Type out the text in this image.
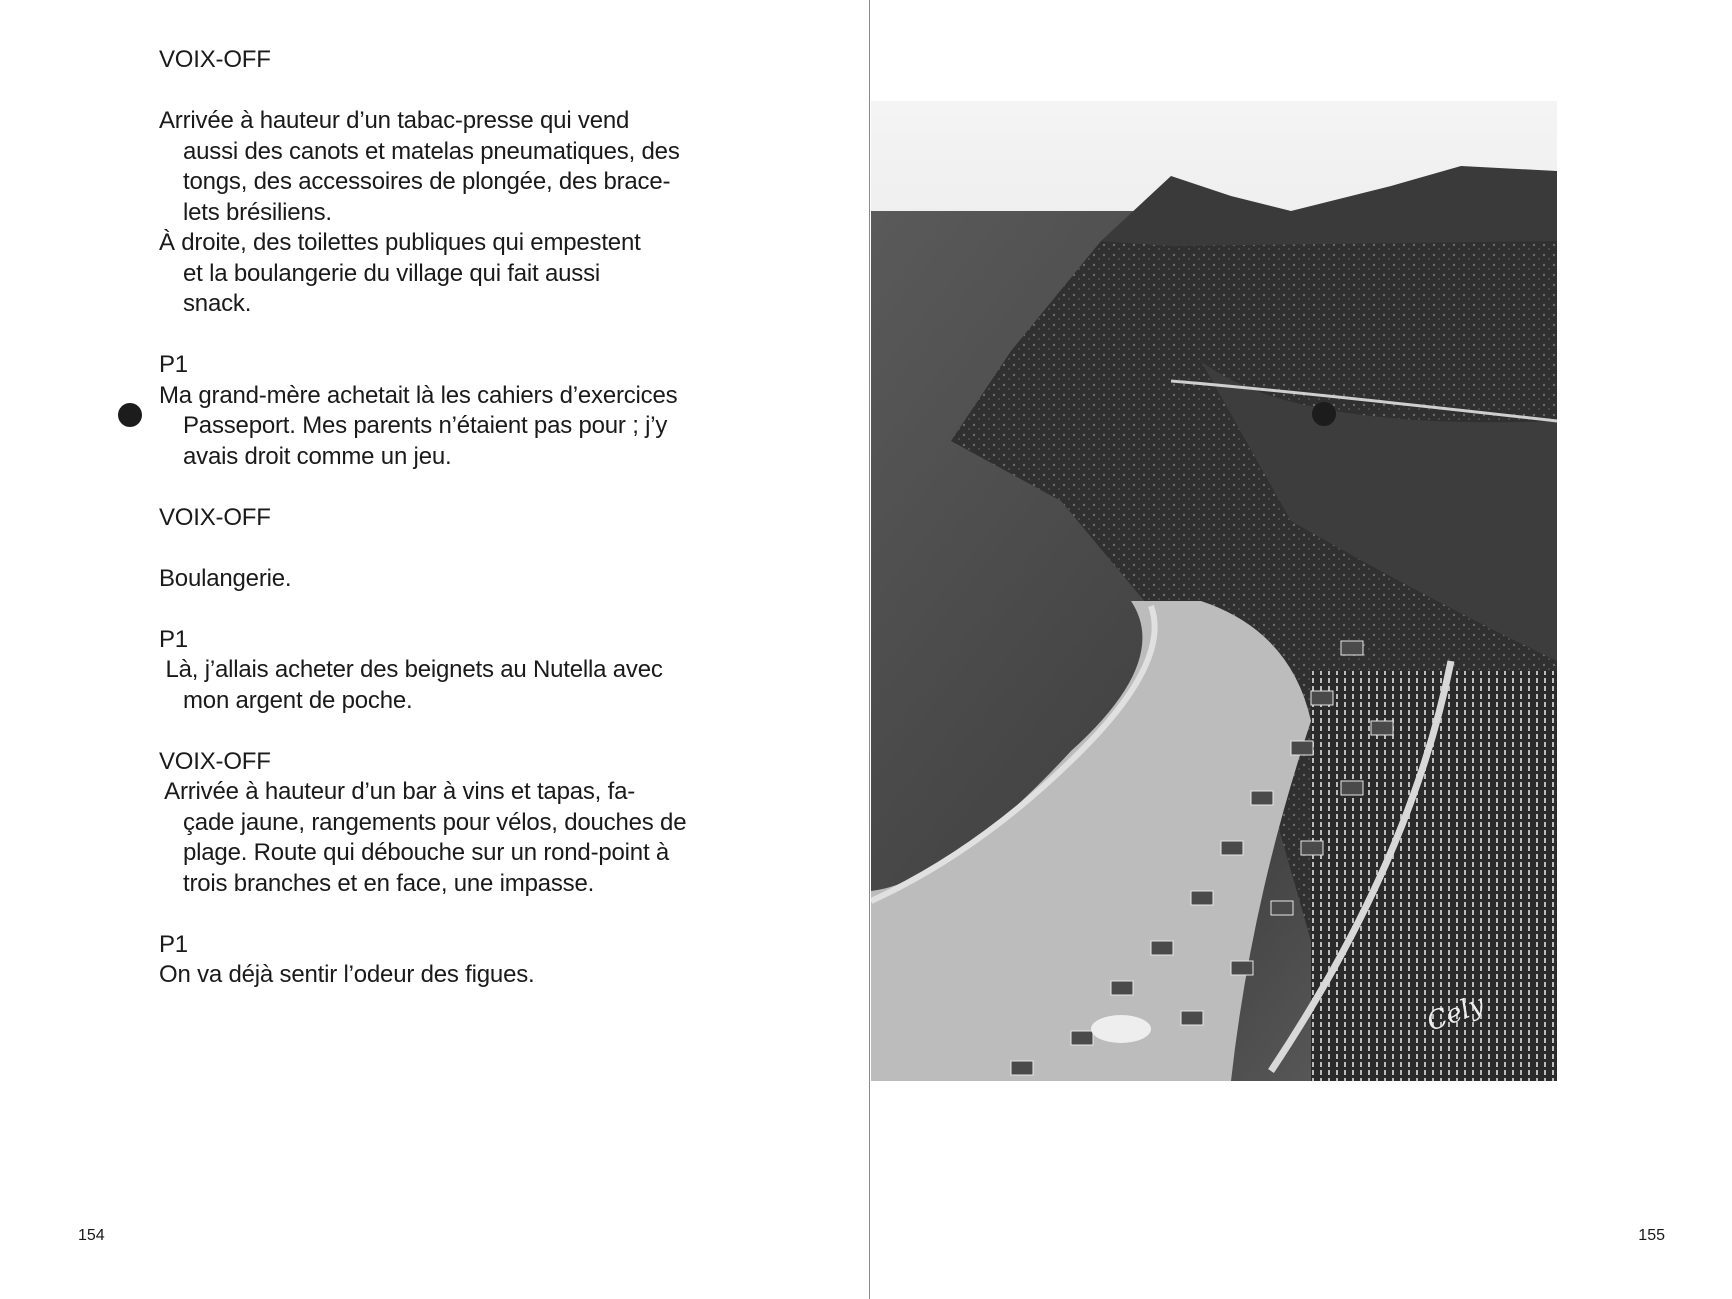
VOIX-OFF
Arrivée à hauteur d’un tabac-presse qui vend
aussi des canots et matelas pneumatiques, des
tongs, des accessoires de plongée, des brace-
lets brésiliens.
À droite, des toilettes publiques qui empestent
et la boulangerie du village qui fait aussi
snack.
P1
Ma grand-mère achetait là les cahiers d’exercices
Passeport. Mes parents n’étaient pas pour ; j’y
avais droit comme un jeu.
VOIX-OFF
Boulangerie.
P1
Là, j’allais acheter des beignets au Nutella avec
mon argent de poche.
VOIX-OFF
Arrivée à hauteur d’un bar à vins et tapas, fa-
çade jaune, rangements pour vélos, douches de
plage. Route qui débouche sur un rond-point à
trois branches et en face, une impasse.
P1
On va déjà sentir l’odeur des figues.
154
Cely
155
